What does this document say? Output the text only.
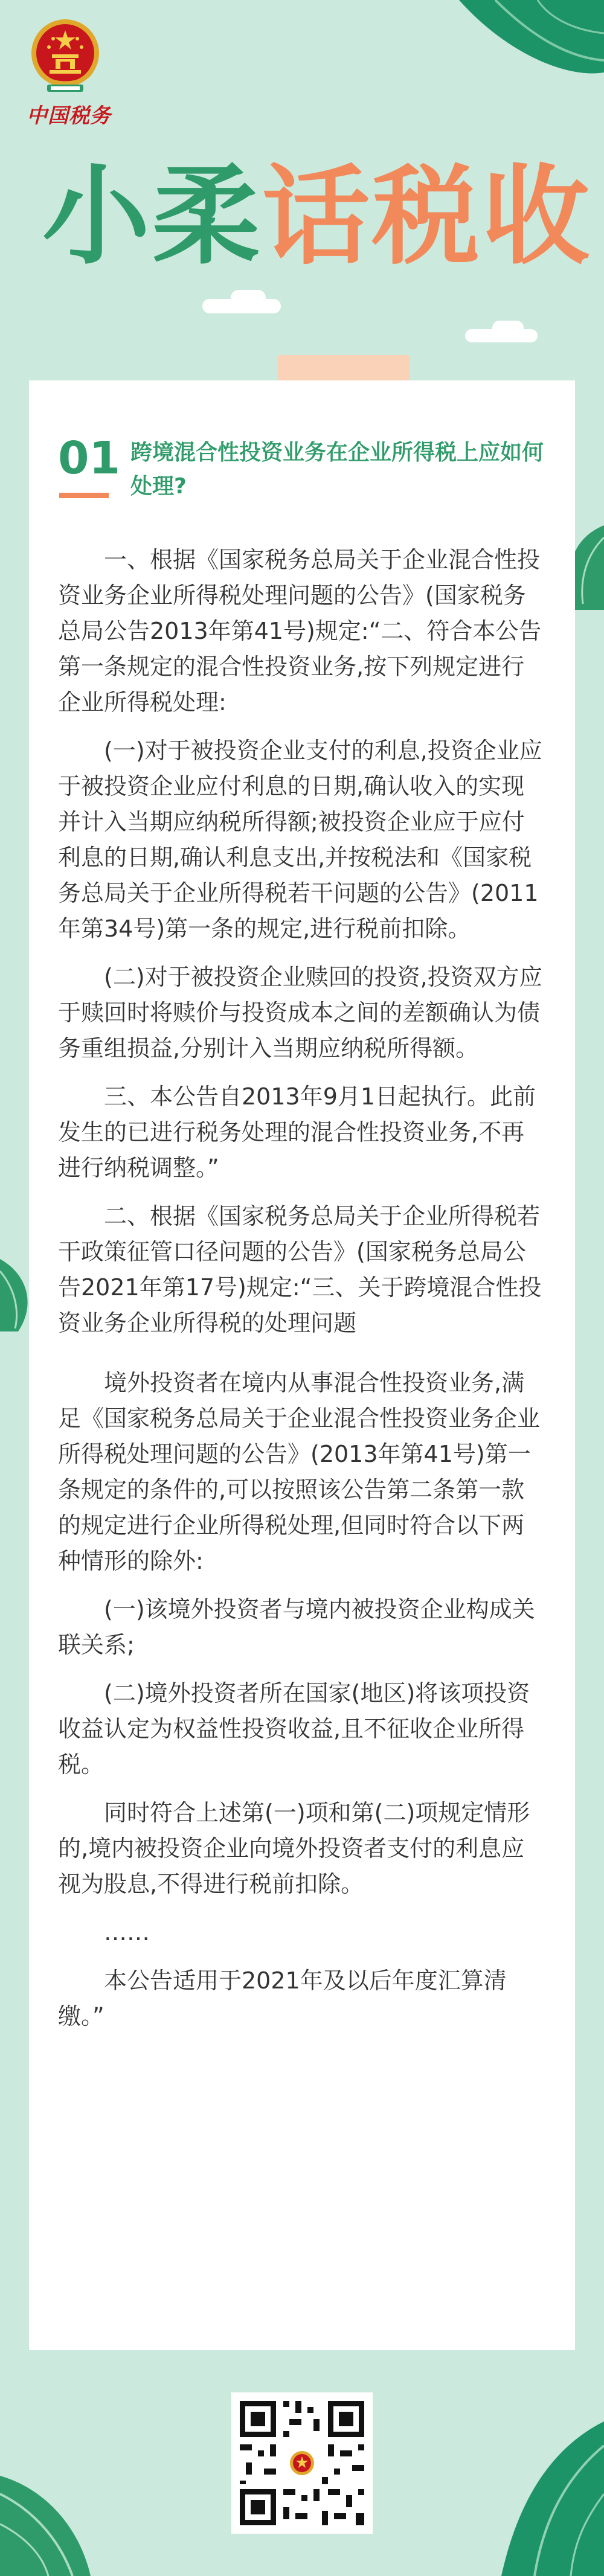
中国税务
小柔话税收
01 跨境混合性投资业务在企业所得税上应如何处理?

一、根据《国家税务总局关于企业混合性投资业务企业所得税处理问题的公告》(国家税务总局公告2013年第41号)规定:“二、符合本公告第一条规定的混合性投资业务,按下列规定进行企业所得税处理:

(一)对于被投资企业支付的利息,投资企业应于被投资企业应付利息的日期,确认收入的实现并计入当期应纳税所得额;被投资企业应于应付利息的日期,确认利息支出,并按税法和《国家税务总局关于企业所得税若干问题的公告》(2011年第34号)第一条的规定,进行税前扣除。

(二)对于被投资企业赎回的投资,投资双方应于赎回时将赎价与投资成本之间的差额确认为债务重组损益,分别计入当期应纳税所得额。

三、本公告自2013年9月1日起执行。此前发生的已进行税务处理的混合性投资业务,不再进行纳税调整。”

二、根据《国家税务总局关于企业所得税若干政策征管口径问题的公告》(国家税务总局公告2021年第17号)规定:“三、关于跨境混合性投资业务企业所得税的处理问题

境外投资者在境内从事混合性投资业务,满足《国家税务总局关于企业混合性投资业务企业所得税处理问题的公告》(2013年第41号)第一条规定的条件的,可以按照该公告第二条第一款的规定进行企业所得税处理,但同时符合以下两种情形的除外:

(一)该境外投资者与境内被投资企业构成关联关系;

(二)境外投资者所在国家(地区)将该项投资收益认定为权益性投资收益,且不征收企业所得税。

同时符合上述第(一)项和第(二)项规定情形的,境内被投资企业向境外投资者支付的利息应视为股息,不得进行税前扣除。

……

本公告适用于2021年及以后年度汇算清缴。”
